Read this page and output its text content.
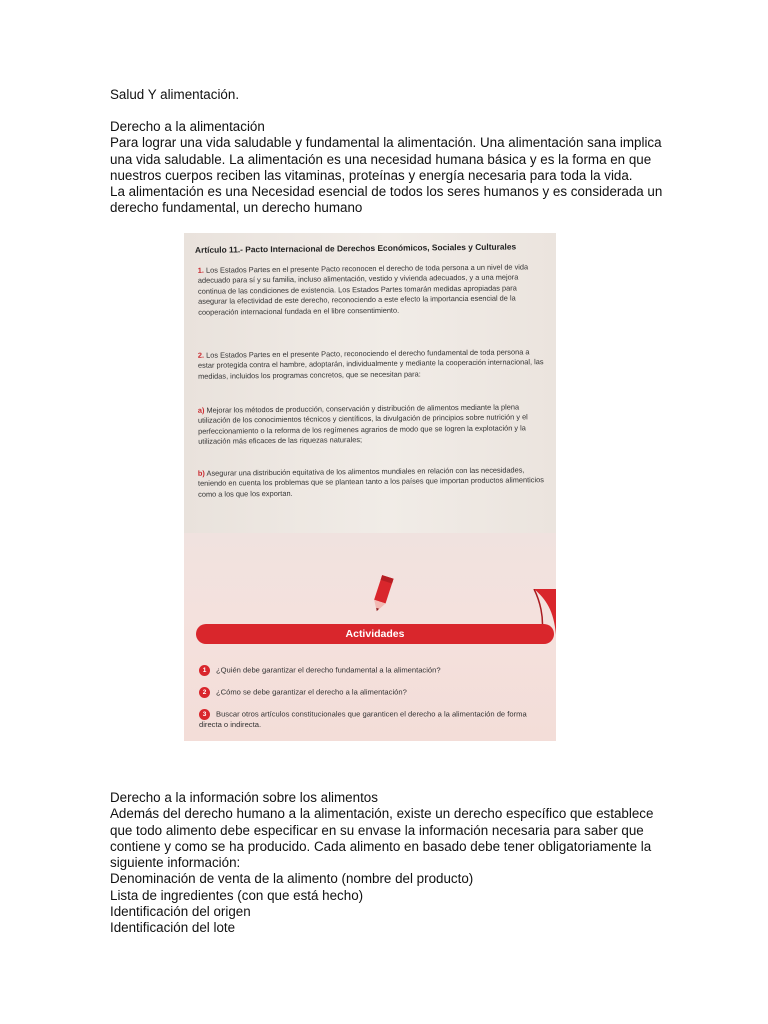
Salud Y alimentación.

Derecho a la alimentación

Para lograr una vida saludable y fundamental la alimentación. Una alimentación sana implica una vida saludable. La alimentación es una necesidad humana básica y es la forma en que nuestros cuerpos reciben las vitaminas, proteínas y energía necesaria para toda la vida.

La alimentación es una Necesidad esencial de todos los seres humanos y es considerada un derecho fundamental, un derecho humano

Artículo 11.- Pacto Internacional de Derechos Económicos, Sociales y Culturales
1. Los Estados Partes en el presente Pacto reconocen el derecho de toda persona a un nivel de vida adecuado para sí y su familia, incluso alimentación, vestido y vivienda adecuados, y a una mejora continua de las condiciones de existencia. Los Estados Partes tomarán medidas apropiadas para asegurar la efectividad de este derecho, reconociendo a este efecto la importancia esencial de la cooperación internacional fundada en el libre consentimiento.
2. Los Estados Partes en el presente Pacto, reconociendo el derecho fundamental de toda persona a estar protegida contra el hambre, adoptarán, individualmente y mediante la cooperación internacional, las medidas, incluidos los programas concretos, que se necesitan para:
a) Mejorar los métodos de producción, conservación y distribución de alimentos mediante la plena utilización de los conocimientos técnicos y científicos, la divulgación de principios sobre nutrición y el perfeccionamiento o la reforma de los regímenes agrarios de modo que se logren la explotación y la utilización más eficaces de las riquezas naturales;
b) Asegurar una distribución equitativa de los alimentos mundiales en relación con las necesidades, teniendo en cuenta los problemas que se plantean tanto a los países que importan productos alimenticios como a los que los exportan.
Actividades
1 ¿Quién debe garantizar el derecho fundamental a la alimentación?
2 ¿Cómo se debe garantizar el derecho a la alimentación?
3 Buscar otros artículos constitucionales que garanticen el derecho a la alimentación de forma directa o indirecta.

Derecho a la información sobre los alimentos

Además del derecho humano a la alimentación, existe un derecho específico que establece que todo alimento debe especificar en su envase la información necesaria para saber que contiene y como se ha producido. Cada alimento en basado debe tener obligatoriamente la siguiente información:

Denominación de venta de la alimento (nombre del producto)

Lista de ingredientes (con que está hecho)

Identificación del origen

Identificación del lote
